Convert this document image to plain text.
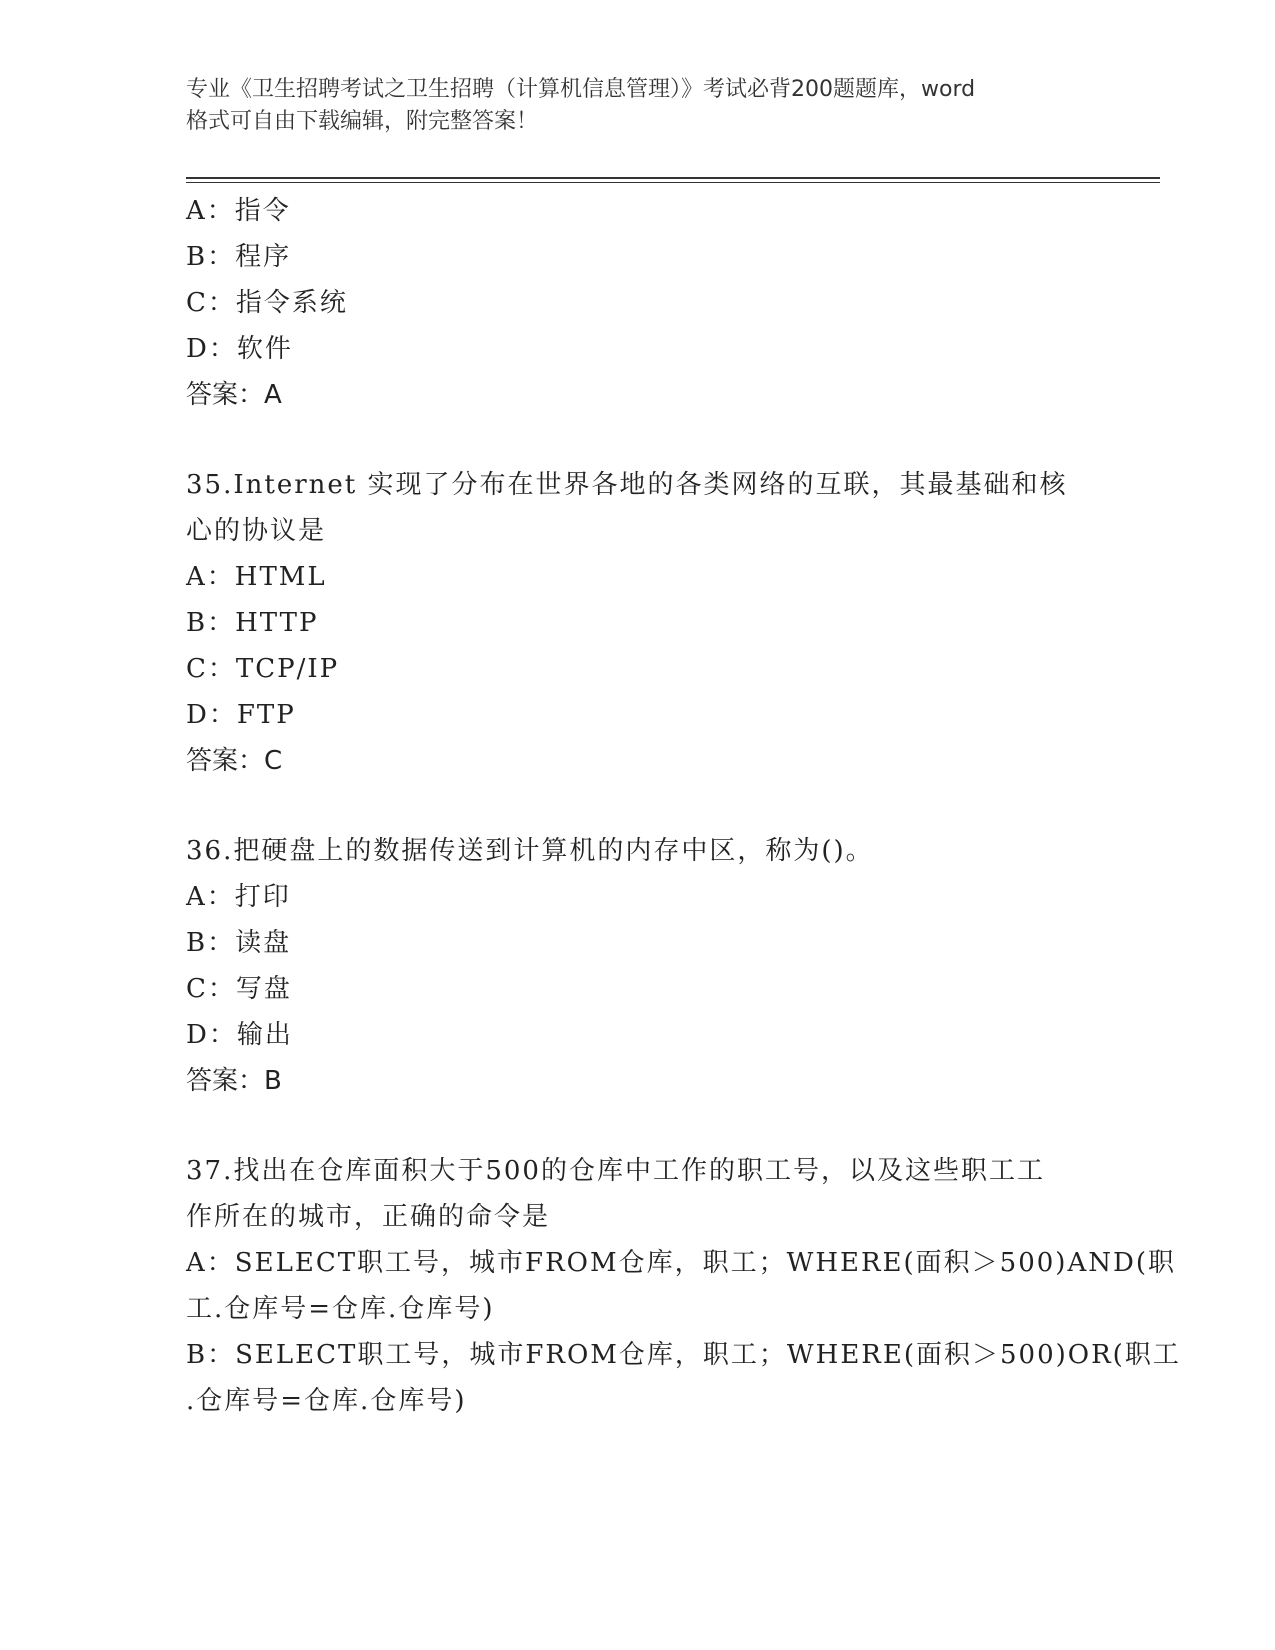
专业《卫生招聘考试之卫生招聘（计算机信息管理）》考试必背200题题库，word
格式可自由下载编辑，附完整答案！
A：指令
B：程序
C：指令系统
D：软件
答案：A
35.Internet 实现了分布在世界各地的各类网络的互联，其最基础和核
心的协议是
A：HTML
B：HTTP
C：TCP/IP
D：FTP
答案：C
36.把硬盘上的数据传送到计算机的内存中区，称为()。
A：打印
B：读盘
C：写盘
D：输出
答案：B
37.找出在仓库面积大于500的仓库中工作的职工号，以及这些职工工
作所在的城市，正确的命令是
A：SELECT职工号，城市FROM仓库，职工；WHERE(面积＞500)AND(职
工.仓库号=仓库.仓库号)
B：SELECT职工号，城市FROM仓库，职工；WHERE(面积＞500)OR(职工
.仓库号=仓库.仓库号)
